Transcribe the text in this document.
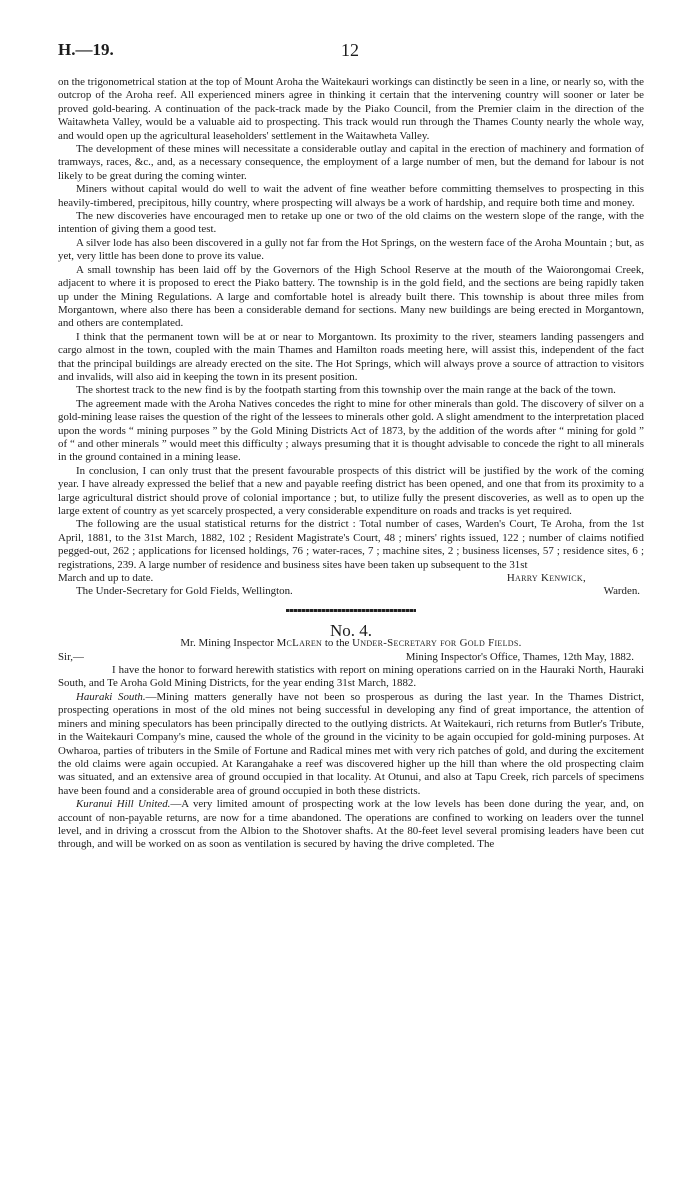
H.—19.	12

on the trigonometrical station at the top of Mount Aroha the Waitekauri workings can distinctly be seen in a line, or nearly so, with the outcrop of the Aroha reef. All experienced miners agree in thinking it certain that the intervening country will sooner or later be proved gold-bearing. A continuation of the pack-track made by the Piako Council, from the Premier claim in the direction of the Waitawheta Valley, would be a valuable aid to prospecting. This track would run through the Thames County nearly the whole way, and would open up the agricultural leaseholders' settlement in the Waitawheta Valley.

The development of these mines will necessitate a considerable outlay and capital in the erection of machinery and formation of tramways, races, &c., and, as a necessary consequence, the employment of a large number of men, but the demand for labour is not likely to be great during the coming winter.

Miners without capital would do well to wait the advent of fine weather before committing themselves to prospecting in this heavily-timbered, precipitous, hilly country, where prospecting will always be a work of hardship, and require both time and money.

The new discoveries have encouraged men to retake up one or two of the old claims on the western slope of the range, with the intention of giving them a good test.

A silver lode has also been discovered in a gully not far from the Hot Springs, on the western face of the Aroha Mountain ; but, as yet, very little has been done to prove its value.

A small township has been laid off by the Governors of the High School Reserve at the mouth of the Waiorongomai Creek, adjacent to where it is proposed to erect the Piako battery. The township is in the gold field, and the sections are being rapidly taken up under the Mining Regulations. A large and comfortable hotel is already built there. This township is about three miles from Morgantown, where also there has been a considerable demand for sections. Many new buildings are being erected in Morgantown, and others are contemplated.

I think that the permanent town will be at or near to Morgantown. Its proximity to the river, steamers landing passengers and cargo almost in the town, coupled with the main Thames and Hamilton roads meeting here, will assist this, independent of the fact that the principal buildings are already erected on the site. The Hot Springs, which will always prove a source of attraction to visitors and invalids, will also aid in keeping the town in its present position.

The shortest track to the new find is by the footpath starting from this township over the main range at the back of the town.

The agreement made with the Aroha Natives concedes the right to mine for other minerals than gold. The discovery of silver on a gold-mining lease raises the question of the right of the lessees to minerals other gold. A slight amendment to the interpretation placed upon the words “ mining purposes ” by the Gold Mining Districts Act of 1873, by the addition of the words after “ mining for gold ” of “ and other minerals ” would meet this difficulty ; always presuming that it is thought advisable to concede the right to all minerals in the ground contained in a mining lease.

In conclusion, I can only trust that the present favourable prospects of this district will be justified by the work of the coming year. I have already expressed the belief that a new and payable reefing district has been opened, and one that from its proximity to a large agricultural district should prove of colonial importance ; but, to utilize fully the present discoveries, as well as to open up the large extent of country as yet scarcely prospected, a very considerable expenditure on roads and tracks is yet required.

The following are the usual statistical returns for the district : Total number of cases, Warden's Court, Te Aroha, from the 1st April, 1881, to the 31st March, 1882, 102 ; Resident Magistrate's Court, 48 ; miners' rights issued, 122 ; number of claims notified pegged-out, 262 ; applications for licensed holdings, 76 ; water-races, 7 ; machine sites, 2 ; business licenses, 57 ; residence sites, 6 ; registrations, 239. A large number of residence and business sites have been taken up subsequent to the 31st

March and up to date.	Harry Kenwick,
The Under-Secretary for Gold Fields, Wellington.	Warden.

No. 4.

Mr. Mining Inspector McLaren to the Under-Secretary for Gold Fields.

Sir,—	Mining Inspector's Office, Thames, 12th May, 1882.

I have the honor to forward herewith statistics with report on mining operations carried on in the Hauraki North, Hauraki South, and Te Aroha Gold Mining Districts, for the year ending 31st March, 1882.

Hauraki South.—Mining matters generally have not been so prosperous as during the last year. In the Thames District, prospecting operations in most of the old mines not being successful in developing any find of great importance, the attention of miners and mining speculators has been principally directed to the outlying districts. At Waitekauri, rich returns from Butler's Tribute, in the Waitekauri Company's mine, caused the whole of the ground in the vicinity to be again occupied for gold-mining purposes. At Owharoa, parties of tributers in the Smile of Fortune and Radical mines met with very rich patches of gold, and during the excitement the old claims were again occupied. At Karangahake a reef was discovered higher up the hill than where the old prospecting claim was situated, and an extensive area of ground occupied in that locality. At Otunui, and also at Tapu Creek, rich parcels of specimens have been found and a considerable area of ground occupied in both these districts.

Kuranui Hill United.—A very limited amount of prospecting work at the low levels has been done during the year, and, on account of non-payable returns, are now for a time abandoned. The operations are confined to working on leaders over the tunnel level, and in driving a crosscut from the Albion to the Shotover shafts. At the 80-feet level several promising leaders have been cut through, and will be worked on as soon as ventilation is secured by having the drive completed. The
